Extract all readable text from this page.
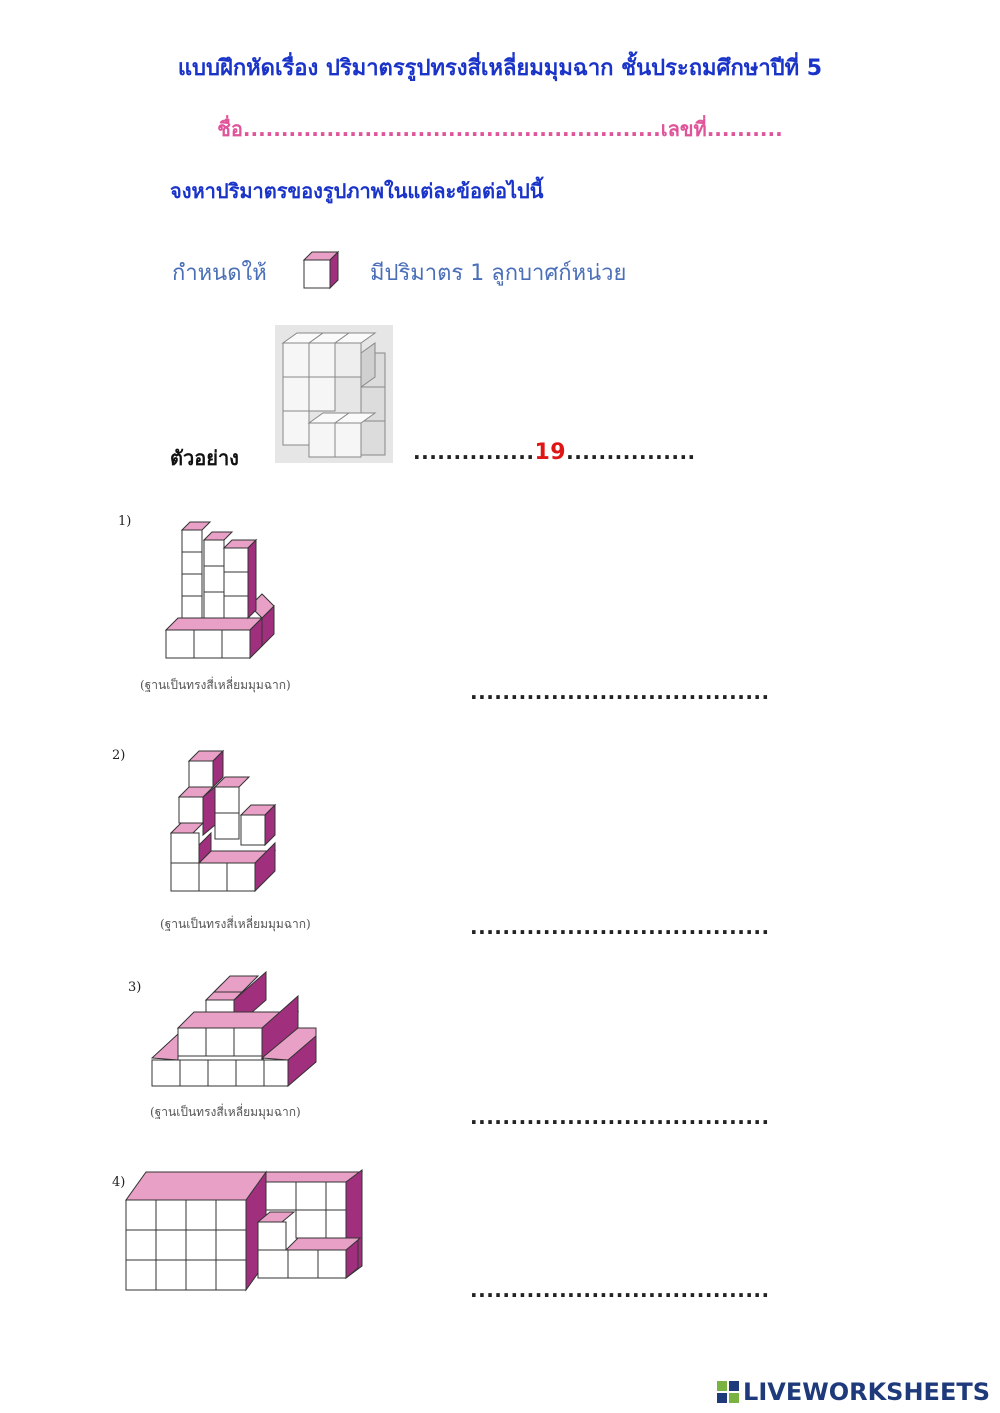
แบบฝึกหัดเรื่อง ปริมาตรรูปทรงสี่เหลี่ยมมุมฉาก ชั้นประถมศึกษาปีที่ 5
ชื่อ.......................................................เลขที่..........
จงหาปริมาตรของรูปภาพในแต่ละข้อต่อไปนี้
กำหนดให้	มีปริมาตร 1 ลูกบาศก์หน่วย
ตัวอย่าง	...............19................
1)
(ฐานเป็นทรงสี่เหลี่ยมมุมฉาก)	.....................................
2)
(ฐานเป็นทรงสี่เหลี่ยมมุมฉาก)	.....................................
3)
(ฐานเป็นทรงสี่เหลี่ยมมุมฉาก)	.....................................
4)
.....................................
LIVEWORKSHEETS
